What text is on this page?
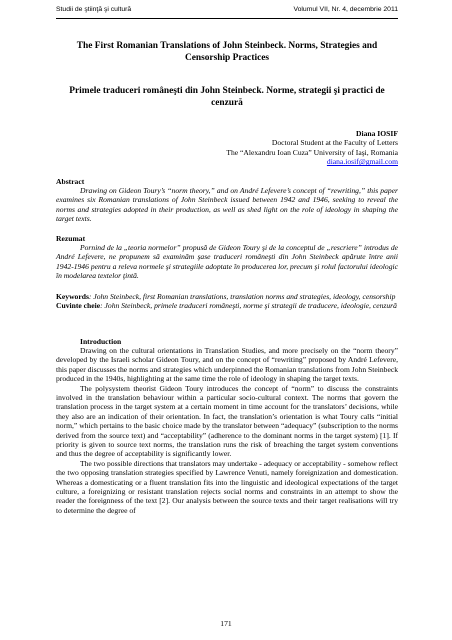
Studii de ştiinţă şi cultură	Volumul VII, Nr. 4, decembrie 2011

The First Romanian Translations of John Steinbeck. Norms, Strategies and Censorship Practices

Primele traduceri româneşti din John Steinbeck. Norme, strategii şi practici de cenzură

Diana IOSIF
Doctoral Student at the Faculty of Letters
The “Alexandru Ioan Cuza” University of Iaşi, Romania
diana.iosif@gmail.com
Abstract

Drawing on Gideon Toury’s “norm theory,” and on André Lefevere’s concept of “rewriting,” this paper examines six Romanian translations of John Steinbeck issued between 1942 and 1946, seeking to reveal the norms and strategies adopted in their production, as well as shed light on the role of ideology in shaping the target texts.

Rezumat

Pornind de la „teoria normelor” propusă de Gideon Toury şi de la conceptul de „rescriere” introdus de André Lefevere, ne propunem să examinăm şase traduceri româneşti din John Steinbeck apărute între anii 1942-1946 pentru a releva normele şi strategiile adoptate în producerea lor, precum şi rolul factorului ideologic în modelarea textelor ţintă.

Keywords: John Steinbeck, first Romanian translations, translation norms and strategies, ideology, censorship
Cuvinte cheie: John Steinbeck, primele traduceri româneşti, norme şi strategii de traducere, ideologie, cenzură
Introduction

Drawing on the cultural orientations in Translation Studies, and more precisely on the “norm theory” developed by the Israeli scholar Gideon Toury, and on the concept of “rewriting” proposed by André Lefevere, this paper discusses the norms and strategies which underpinned the Romanian translations from John Steinbeck produced in the 1940s, highlighting at the same time the role of ideology in shaping the target texts.

The polysystem theorist Gideon Toury introduces the concept of “norm” to discuss the constraints involved in the translation behaviour within a particular socio-cultural context. The norms that govern the translation process in the target system at a certain moment in time account for the translators’ decisions, while they also are an indication of their orientation. In fact, the translation’s orientation is what Toury calls “initial norm,” which pertains to the basic choice made by the translator between “adequacy” (subscription to the norms derived from the source text) and “acceptability” (adherence to the dominant norms in the target system) [1]. If priority is given to source text norms, the translation runs the risk of breaching the target system conventions and thus the degree of acceptability is significantly lower.

The two possible directions that translators may undertake - adequacy or acceptability - somehow reflect the two opposing translation strategies specified by Lawrence Venuti, namely foreignization and domestication. Whereas a domesticating or a fluent translation fits into the linguistic and ideological expectations of the target culture, a foreignizing or resistant translation rejects social norms and constraints in an attempt to show the reader the foreignness of the text [2]. Our analysis between the source texts and their target realisations will try to determine the degree of

171
